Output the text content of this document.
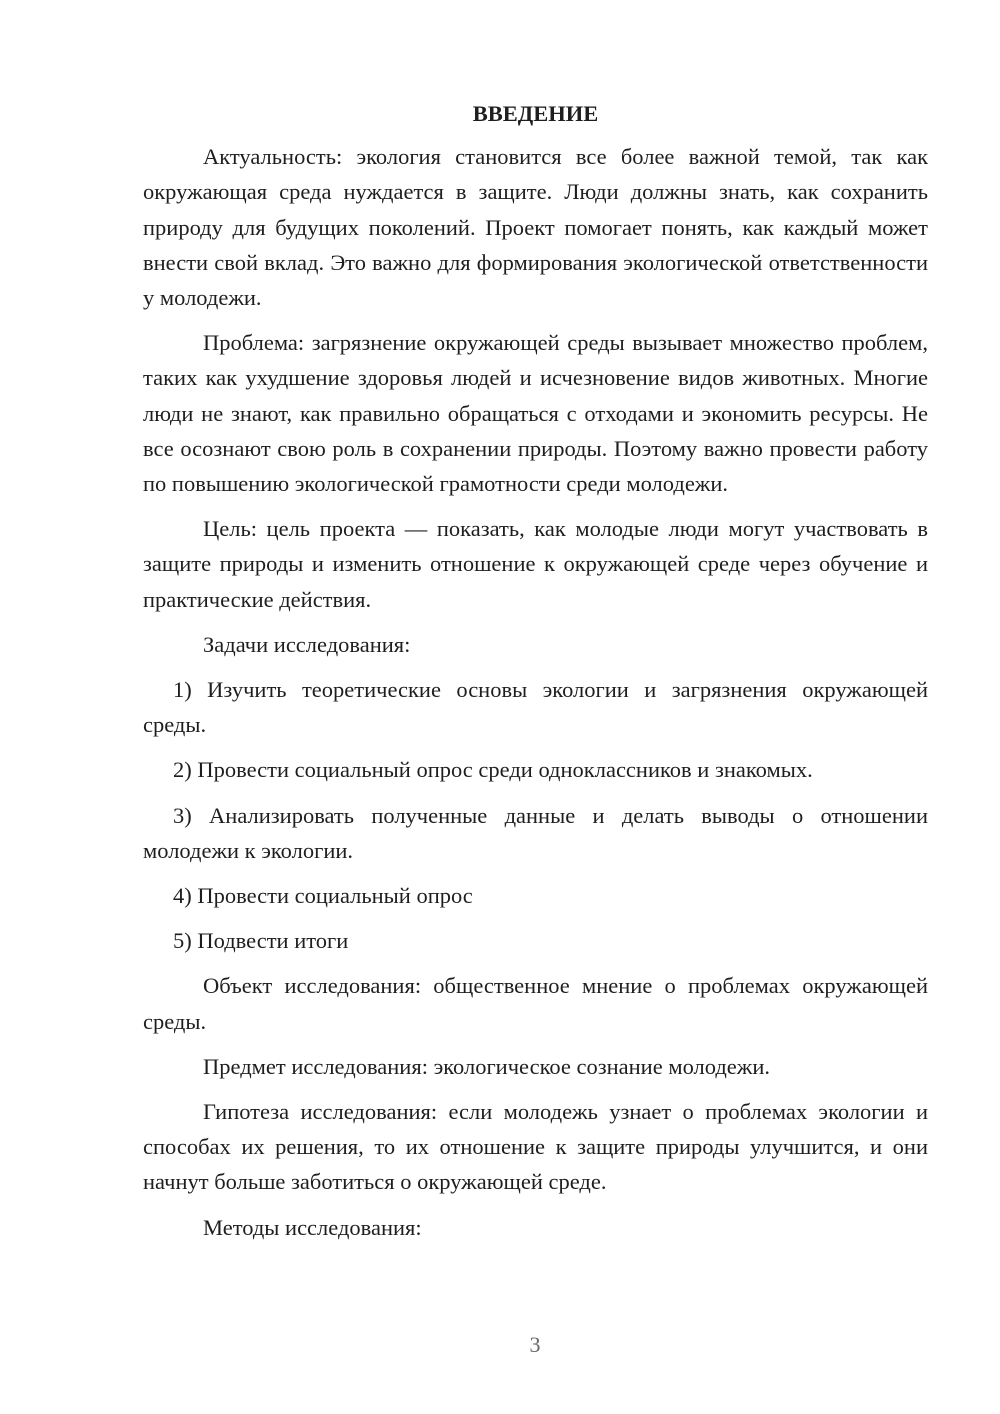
ВВЕДЕНИЕ

Актуальность: экология становится все более важной темой, так как окружающая среда нуждается в защите. Люди должны знать, как сохранить природу для будущих поколений. Проект помогает понять, как каждый может внести свой вклад. Это важно для формирования экологической ответственности у молодежи.

Проблема: загрязнение окружающей среды вызывает множество проблем, таких как ухудшение здоровья людей и исчезновение видов животных. Многие люди не знают, как правильно обращаться с отходами и экономить ресурсы. Не все осознают свою роль в сохранении природы. Поэтому важно провести работу по повышению экологической грамотности среди молодежи.

Цель: цель проекта — показать, как молодые люди могут участвовать в защите природы и изменить отношение к окружающей среде через обучение и практические действия.

Задачи исследования:

1) Изучить теоретические основы экологии и загрязнения окружающей среды.

2) Провести социальный опрос среди одноклассников и знакомых.

3) Анализировать полученные данные и делать выводы о отношении молодежи к экологии.

4) Провести социальный опрос

5) Подвести итоги

Объект исследования: общественное мнение о проблемах окружающей среды.

Предмет исследования: экологическое сознание молодежи.

Гипотеза исследования: если молодежь узнает о проблемах экологии и способах их решения, то их отношение к защите природы улучшится, и они начнут больше заботиться о окружающей среде.

Методы исследования:

3
